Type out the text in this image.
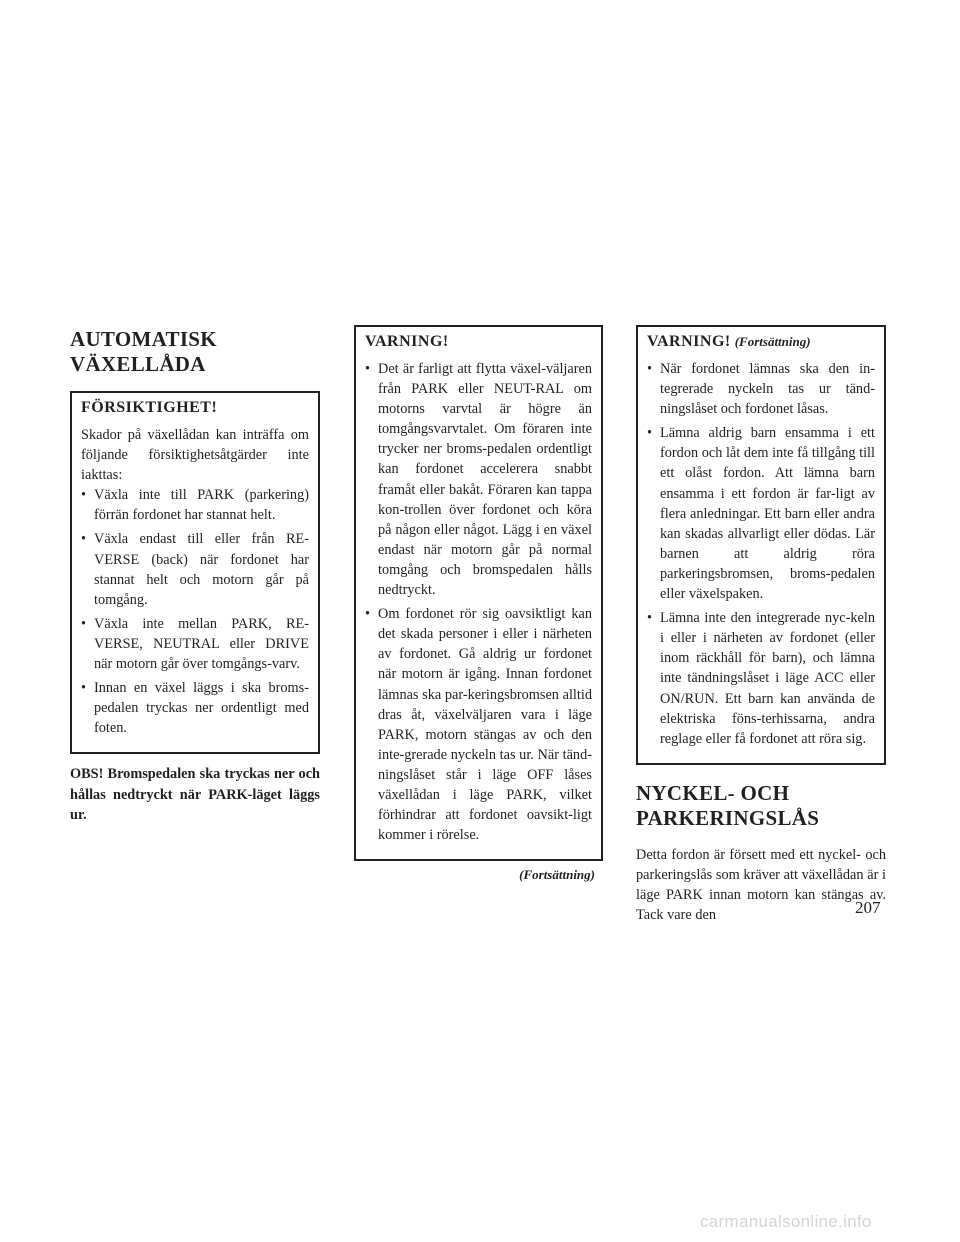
AUTOMATISK
VÄXELLÅDA
FÖRSIKTIGHET!

Skador på växellådan kan inträffa om följande försiktighetsåtgärder inte iakttas:

• Växla inte till PARK (parkering) förrän fordonet har stannat helt.
• Växla endast till eller från RE-VERSE (back) när fordonet har stannat helt och motorn går på tomgång.
• Växla inte mellan PARK, RE-VERSE, NEUTRAL eller DRIVE när motorn går över tomgångs-varv.
• Innan en växel läggs i ska broms-pedalen tryckas ner ordentligt med foten.

OBS! Bromspedalen ska tryckas ner och hållas nedtryckt när PARK-läget läggs ur.

VARNING!
• Det är farligt att flytta växel-väljaren från PARK eller NEUT-RAL om motorns varvtal är högre än tomgångsvarvtalet. Om föraren inte trycker ner broms-pedalen ordentligt kan fordonet accelerera snabbt framåt eller bakåt. Föraren kan tappa kon-trollen över fordonet och köra på någon eller något. Lägg i en växel endast när motorn går på normal tomgång och bromspedalen hålls nedtryckt.
• Om fordonet rör sig oavsiktligt kan det skada personer i eller i närheten av fordonet. Gå aldrig ur fordonet när motorn är igång. Innan fordonet lämnas ska par-keringsbromsen alltid dras åt, växelväljaren vara i läge PARK, motorn stängas av och den inte-grerade nyckeln tas ur. När tänd-ningslåset står i läge OFF låses växellådan i läge PARK, vilket förhindrar att fordonet oavsikt-ligt kommer i rörelse.
(Fortsättning)
VARNING! (Fortsättning)
• När fordonet lämnas ska den in-tegrerade nyckeln tas ur tänd-ningslåset och fordonet låsas.
• Lämna aldrig barn ensamma i ett fordon och låt dem inte få tillgång till ett olåst fordon. Att lämna barn ensamma i ett fordon är far-ligt av flera anledningar. Ett barn eller andra kan skadas allvarligt eller dödas. Lär barnen att aldrig röra parkeringsbromsen, broms-pedalen eller växelspaken.
• Lämna inte den integrerade nyc-keln i eller i närheten av fordonet (eller inom räckhåll för barn), och lämna inte tändningslåset i läge ACC eller ON/RUN. Ett barn kan använda de elektriska föns-terhissarna, andra reglage eller få fordonet att röra sig.
NYCKEL- OCH
PARKERINGSLÅS

Detta fordon är försett med ett nyckel- och parkeringslås som kräver att växellådan är i läge PARK innan motorn kan stängas av. Tack vare den	207
carmanualsonline.info
